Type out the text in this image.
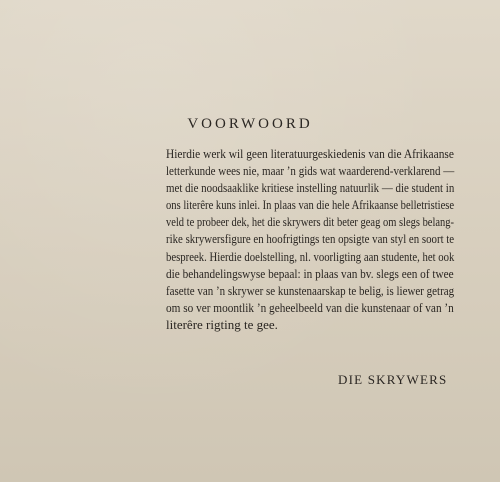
VOORWOORD
Hierdie werk wil geen literatuurgeskiedenis van die Afrikaanse
letterkunde wees nie, maar ’n gids wat waarderend-verklarend —
met die noodsaaklike kritiese instelling natuurlik — die student in
ons literêre kuns inlei. In plaas van die hele Afrikaanse belletristiese
veld te probeer dek, het die skrywers dit beter geag om slegs belang-
rike skrywersfigure en hoofrigtings ten opsigte van styl en soort te
bespreek. Hierdie doelstelling, nl. voorligting aan studente, het ook
die behandelingswyse bepaal: in plaas van bv. slegs een of twee
fasette van ’n skrywer se kunstenaarskap te belig, is liewer getrag
om so ver moontlik ’n geheelbeeld van die kunstenaar of van ’n
literêre rigting te gee.
DIE SKRYWERS
